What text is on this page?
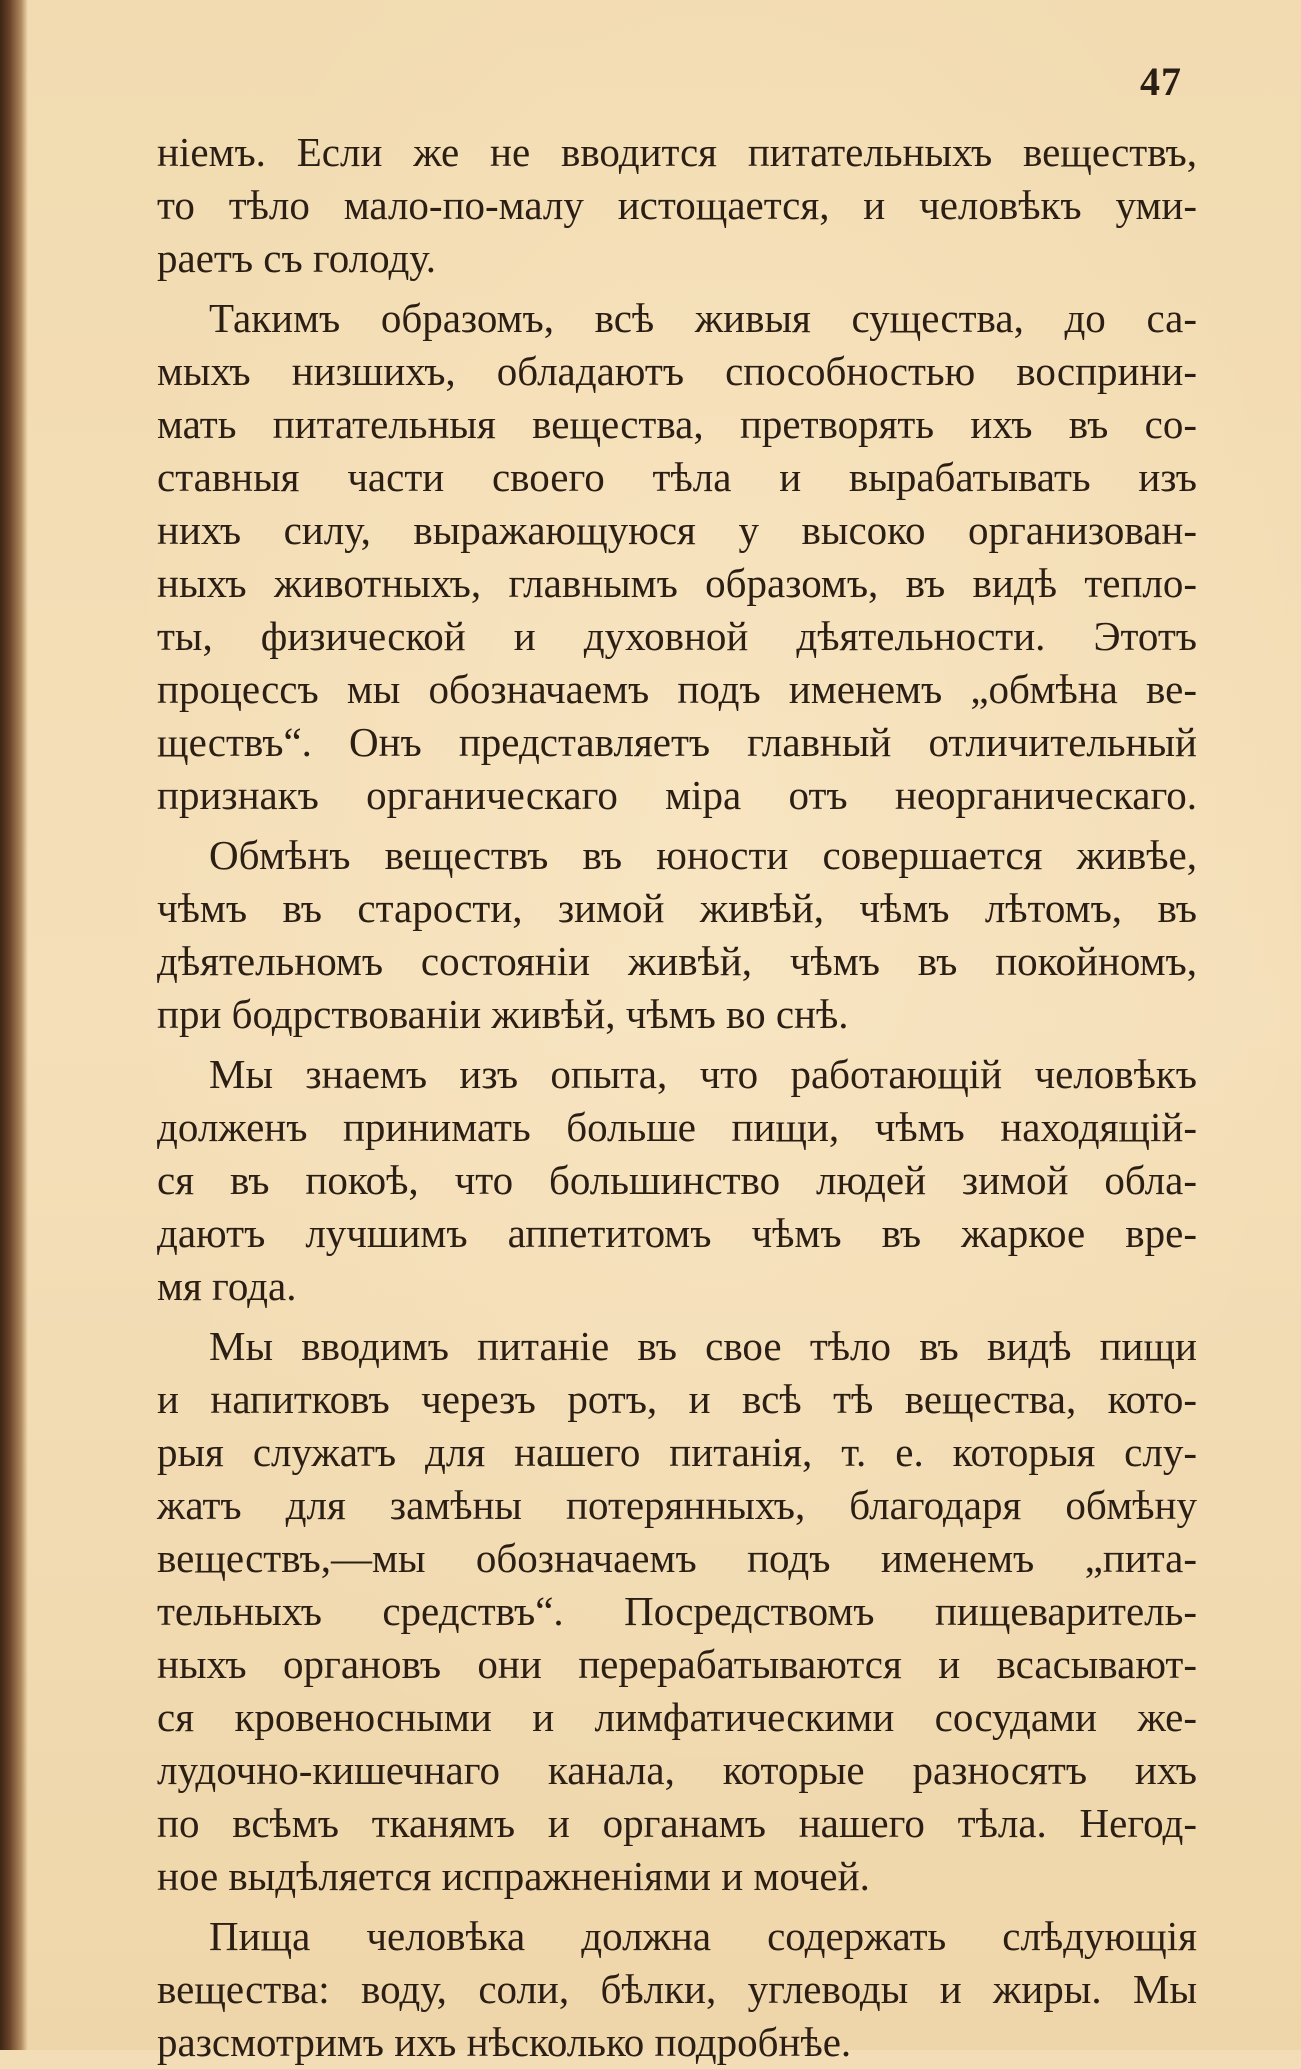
47

ніемъ. Если же не вводится питательныхъ веществъ,

то тѣло мало-по-малу истощается, и человѣкъ уми-

раетъ съ голоду.

Такимъ образомъ, всѣ живыя существа, до са-

мыхъ низшихъ, обладаютъ способностью восприни-

мать питательныя вещества, претворять ихъ въ со-

ставныя части своего тѣла и вырабатывать изъ

нихъ силу, выражающуюся у высоко организован-

ныхъ животныхъ, главнымъ образомъ, въ видѣ тепло-

ты, физической и духовной дѣятельности. Этотъ

процессъ мы обозначаемъ подъ именемъ „обмѣна ве-

ществъ“. Онъ представляетъ главный отличительный

признакъ органическаго міра отъ неорганическаго.

Обмѣнъ веществъ въ юности совершается живѣе,

чѣмъ въ старости, зимой живѣй, чѣмъ лѣтомъ, въ

дѣятельномъ состояніи живѣй, чѣмъ въ покойномъ,

при бодрствованіи живѣй, чѣмъ во снѣ.

Мы знаемъ изъ опыта, что работающій человѣкъ

долженъ принимать больше пищи, чѣмъ находящій-

ся въ покоѣ, что большинство людей зимой обла-

даютъ лучшимъ аппетитомъ чѣмъ въ жаркое вре-

мя года.

Мы вводимъ питаніе въ свое тѣло въ видѣ пищи

и напитковъ черезъ ротъ, и всѣ тѣ вещества, кото-

рыя служатъ для нашего питанія, т. е. которыя слу-

жатъ для замѣны потерянныхъ, благодаря обмѣну

веществъ,—мы обозначаемъ подъ именемъ „пита-

тельныхъ средствъ“. Посредствомъ пищеваритель-

ныхъ органовъ они перерабатываются и всасывают-

ся кровеносными и лимфатическими сосудами же-

лудочно-кишечнаго канала, которые разносятъ ихъ

по всѣмъ тканямъ и органамъ нашего тѣла. Негод-

ное выдѣляется испражненіями и мочей.

Пища человѣка должна содержать слѣдующія

вещества: воду, соли, бѣлки, углеводы и жиры. Мы

разсмотримъ ихъ нѣсколько подробнѣе.
